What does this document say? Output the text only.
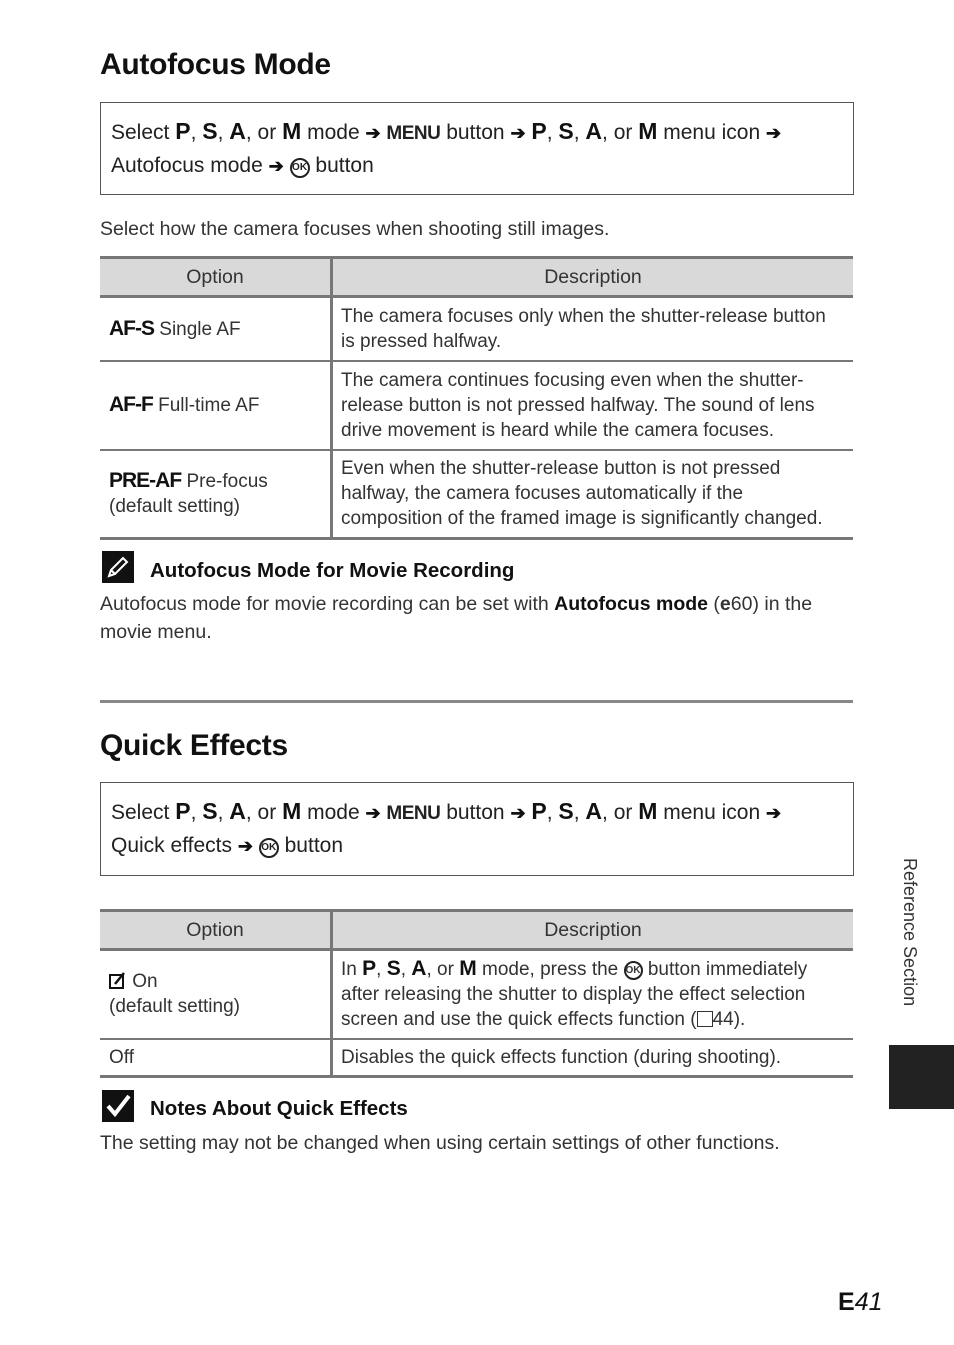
Autofocus Mode
Select P, S, A, or M mode ➔ MENU button ➔ P, S, A, or M menu icon ➔
Autofocus mode ➔ OK button
Select how the camera focuses when shooting still images.
Option	Description
AF-S Single AF	The camera focuses only when the shutter-release button is pressed halfway.
AF-F Full-time AF	The camera continues focusing even when the shutter-release button is not pressed halfway. The sound of lens drive movement is heard while the camera focuses.
PRE-AF Pre-focus
(default setting)	Even when the shutter-release button is not pressed halfway, the camera focuses automatically if the composition of the framed image is significantly changed.
Autofocus Mode for Movie Recording
Autofocus mode for movie recording can be set with Autofocus mode (e60) in the movie menu.
Quick Effects
Select P, S, A, or M mode ➔ MENU button ➔ P, S, A, or M menu icon ➔
Quick effects ➔ OK button
Option	Description
On
(default setting)	In P, S, A, or M mode, press the OK button immediately after releasing the shutter to display the effect selection screen and use the quick effects function ( 44).
Off	Disables the quick effects function (during shooting).
Notes About Quick Effects
The setting may not be changed when using certain settings of other functions.
Reference Section
E41
